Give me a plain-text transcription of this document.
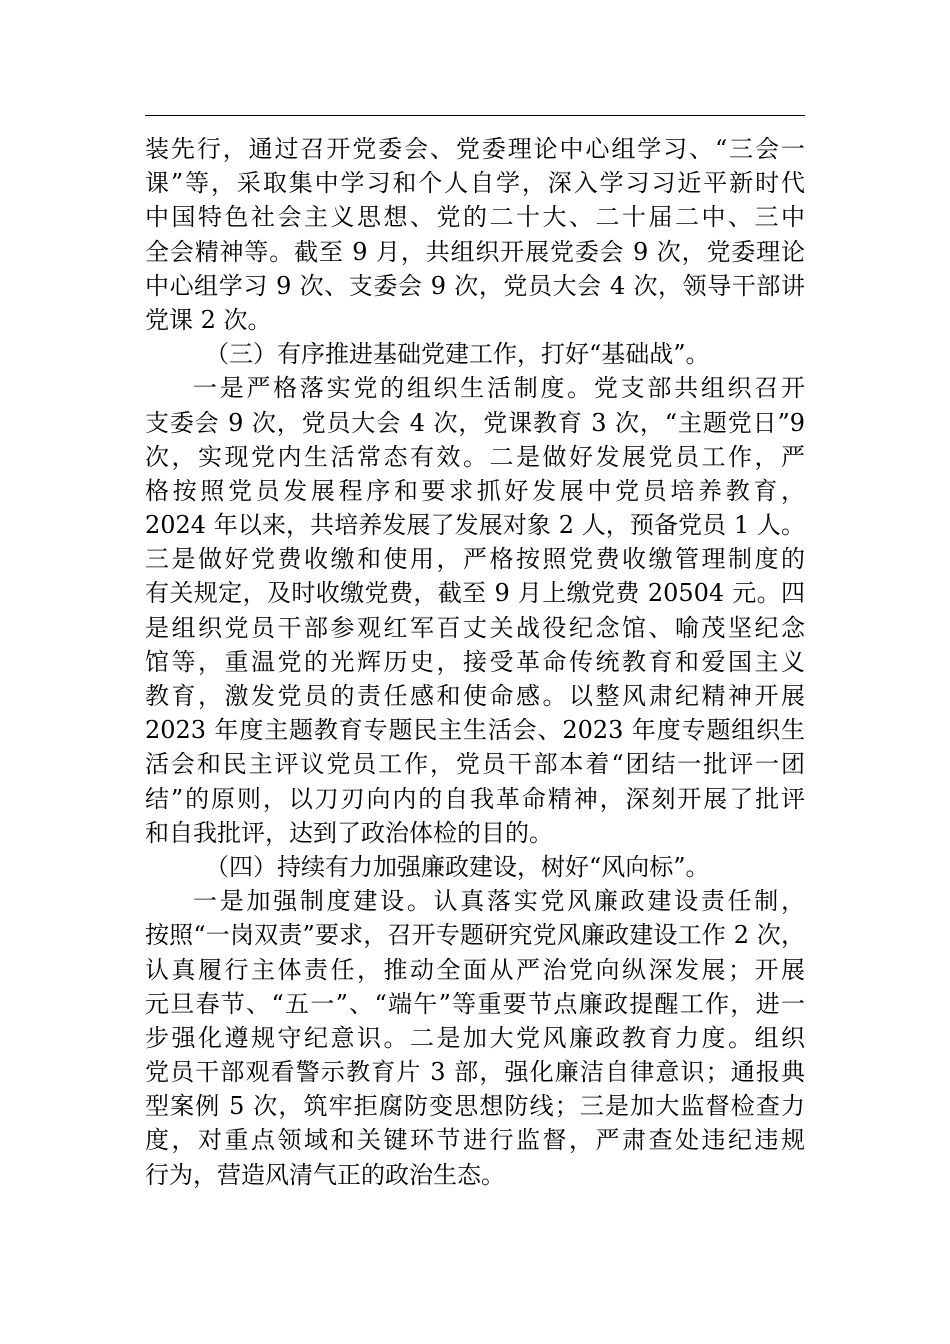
装先行，通过召开党委会、党委理论中心组学习、“三会一
课”等，采取集中学习和个人自学，深入学习习近平新时代
中国特色社会主义思想、党的二十大、二十届二中、三中
全会精神等。截至 9 月，共组织开展党委会 9 次，党委理论
中心组学习 9 次、支委会 9 次，党员大会 4 次，领导干部讲
党课 2 次。
（三）有序推进基础党建工作，打好“基础战”。
一是严格落实党的组织生活制度。党支部共组织召开
支委会 9 次，党员大会 4 次，党课教育 3 次，“主题党日”9
次，实现党内生活常态有效。二是做好发展党员工作，严
格按照党员发展程序和要求抓好发展中党员培养教育，
2024 年以来，共培养发展了发展对象 2 人，预备党员 1 人。
三是做好党费收缴和使用，严格按照党费收缴管理制度的
有关规定，及时收缴党费，截至 9 月上缴党费 20504 元。四
是组织党员干部参观红军百丈关战役纪念馆、喻茂坚纪念
馆等，重温党的光辉历史，接受革命传统教育和爱国主义
教育，激发党员的责任感和使命感。以整风肃纪精神开展
2023 年度主题教育专题民主生活会、2023 年度专题组织生
活会和民主评议党员工作，党员干部本着“团结一批评一团
结”的原则，以刀刃向内的自我革命精神，深刻开展了批评
和自我批评，达到了政治体检的目的。
（四）持续有力加强廉政建设，树好“风向标”。
一是加强制度建设。认真落实党风廉政建设责任制，
按照“一岗双责”要求，召开专题研究党风廉政建设工作 2 次，
认真履行主体责任，推动全面从严治党向纵深发展；开展
元旦春节、“五一”、“端午”等重要节点廉政提醒工作，进一
步强化遵规守纪意识。二是加大党风廉政教育力度。组织
党员干部观看警示教育片 3 部，强化廉洁自律意识；通报典
型案例 5 次，筑牢拒腐防变思想防线；三是加大监督检查力
度，对重点领域和关键环节进行监督，严肃查处违纪违规
行为，营造风清气正的政治生态。
